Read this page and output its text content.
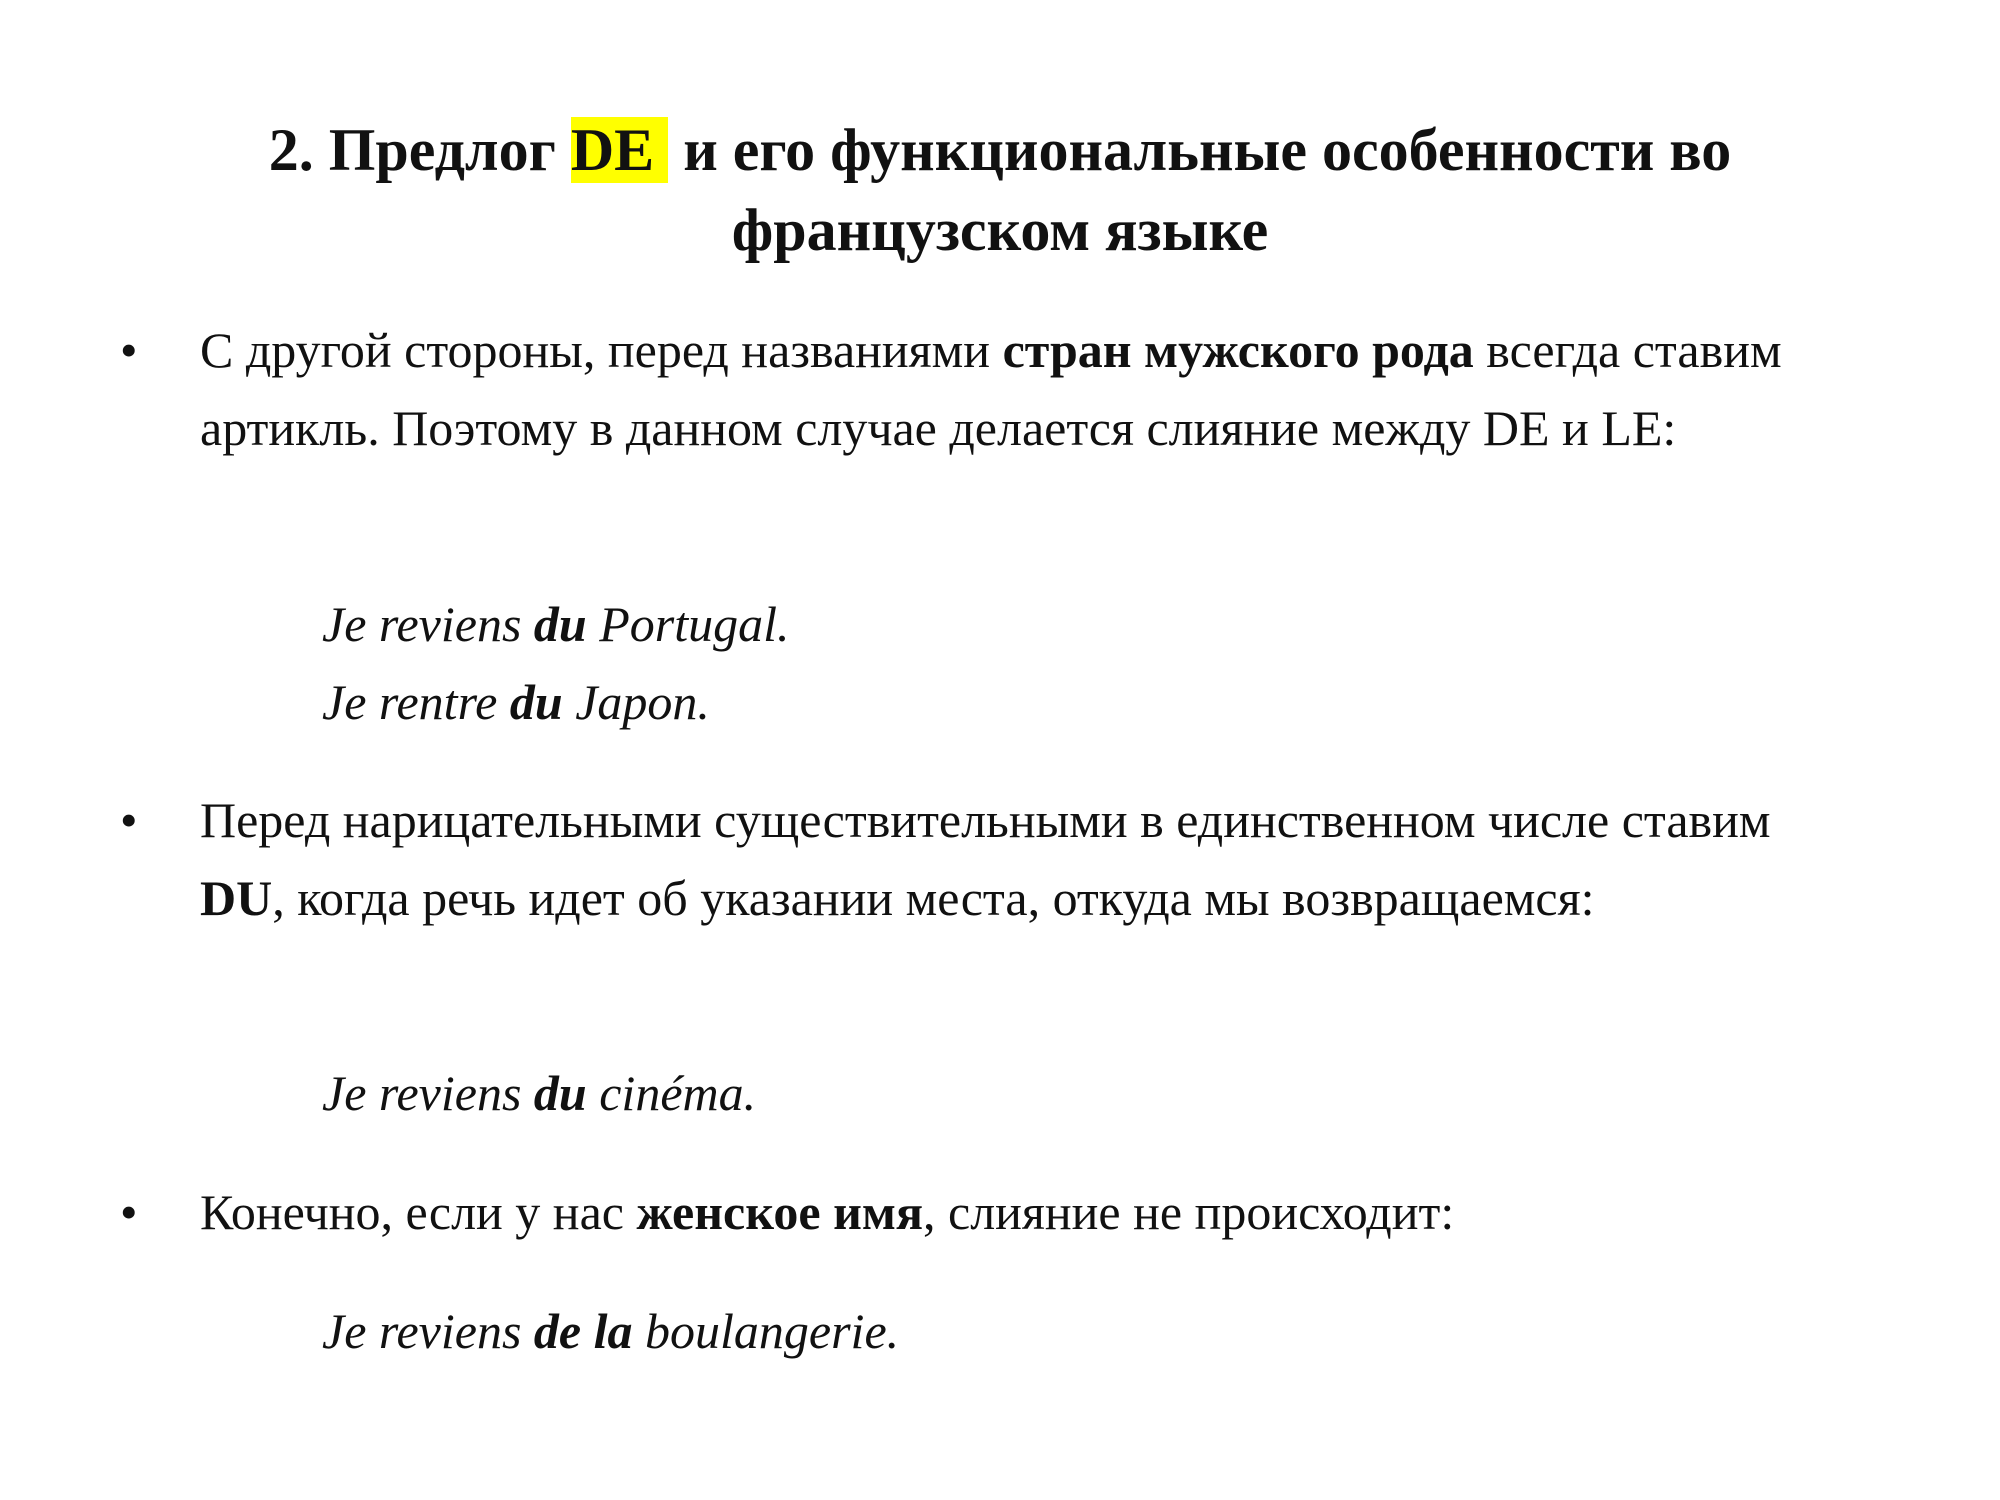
2. Предлог DE и его функциональные особенности во французском языке
•	С другой стороны, перед названиями стран мужского рода всегда ставим артикль. Поэтому в данном случае делается слияние между DE и LE:
Je reviens du Portugal.
Je rentre du Japon.
•	Перед нарицательными существительными в единственном числе ставим DU, когда речь идет об указании места, откуда мы возвращаемся:
Je reviens du cinéma.
•	Конечно, если у нас женское имя, слияние не происходит:
Je reviens de la boulangerie.
